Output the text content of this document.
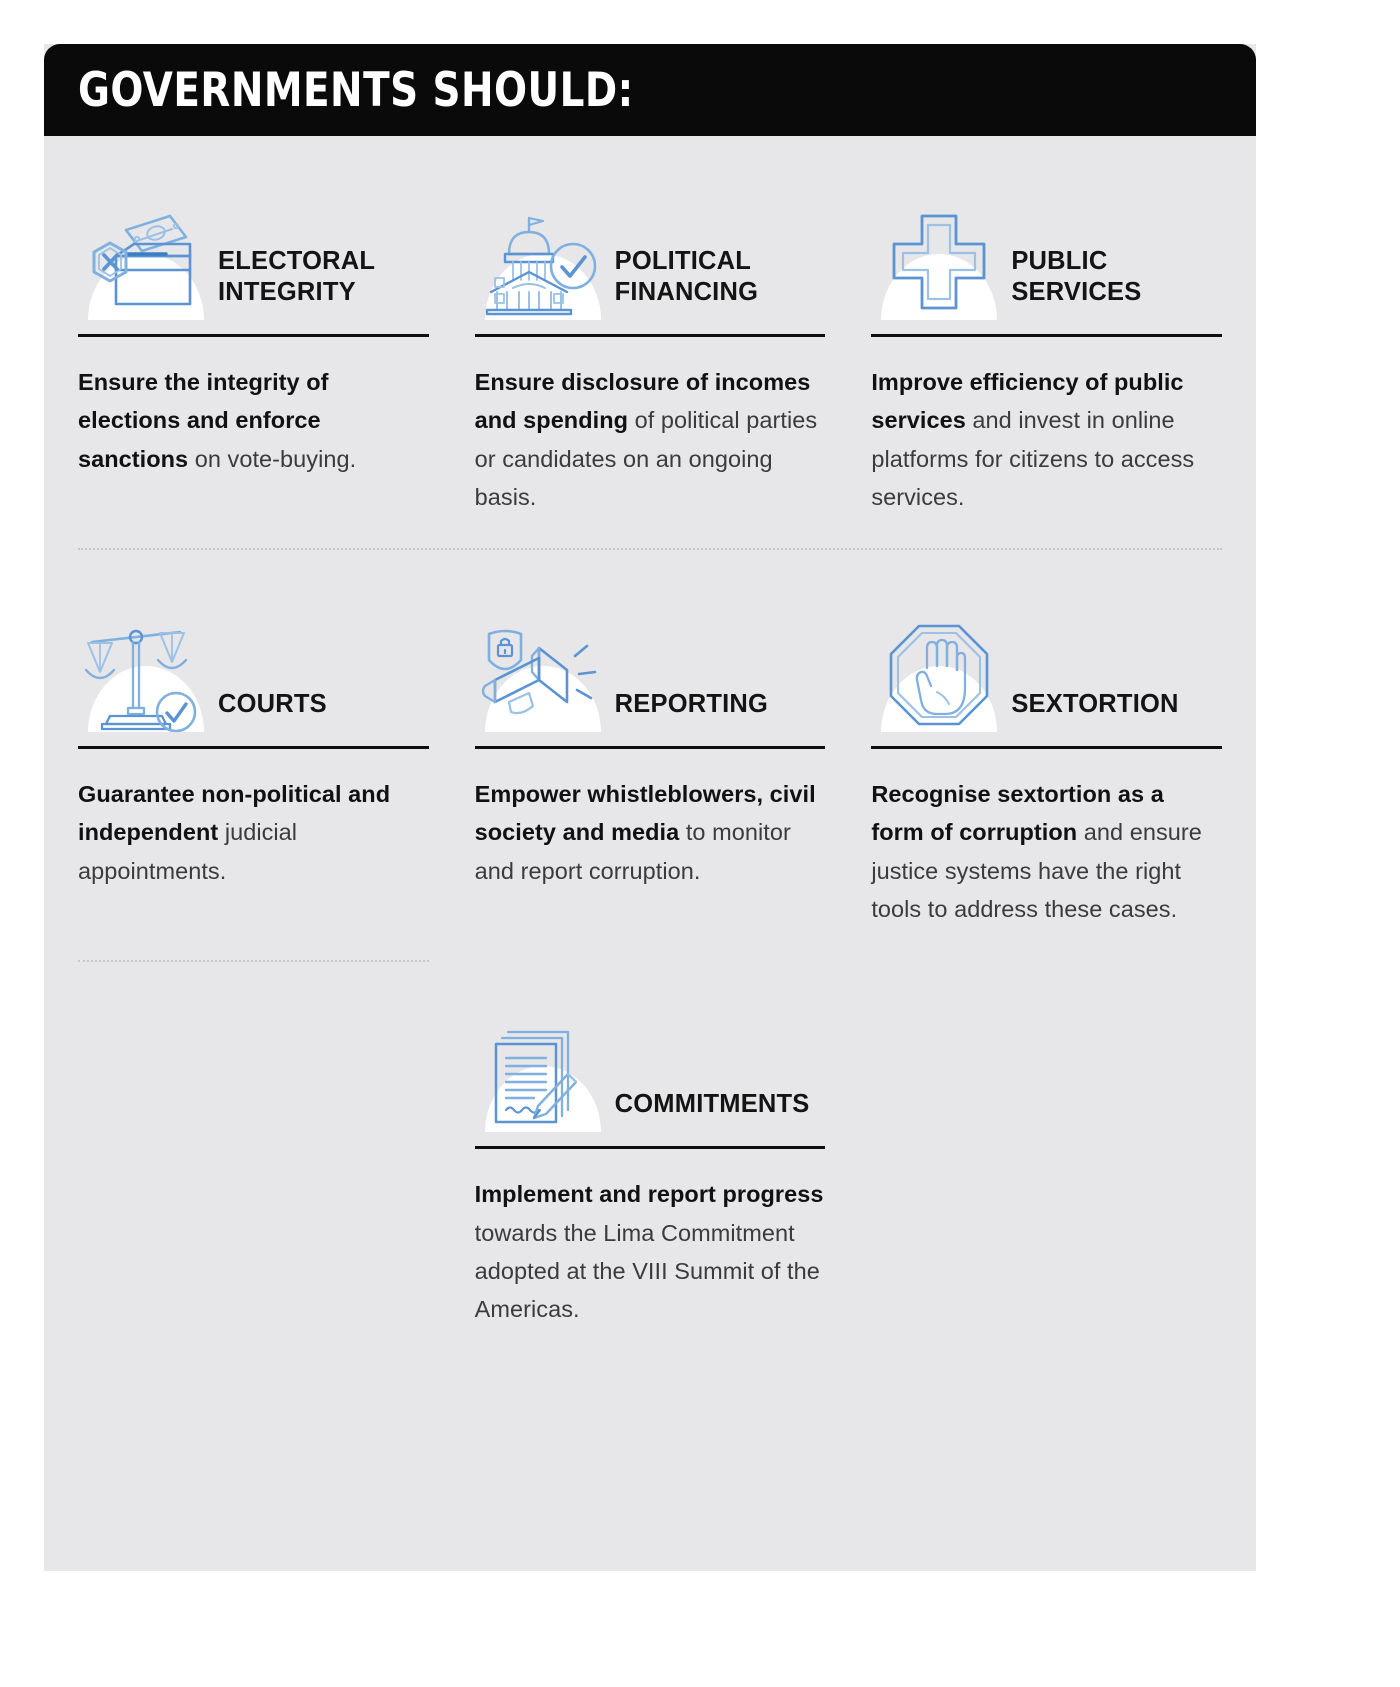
GOVERNMENTS SHOULD:
ELECTORAL INTEGRITY
Ensure the integrity of elections and enforce sanctions on vote-buying.
POLITICAL FINANCING
Ensure disclosure of incomes and spending of political parties or candidates on an ongoing basis.
PUBLIC SERVICES
Improve efficiency of public services and invest in online platforms for citizens to access services.
COURTS
Guarantee non-political and independent judicial appointments.
REPORTING
Empower whistleblowers, civil society and media to monitor and report corruption.
SEXTORTION
Recognise sextortion as a form of corruption and ensure justice systems have the right tools to address these cases.
COMMITMENTS
Implement and report progress towards the Lima Commitment adopted at the VIII Summit of the Americas.
